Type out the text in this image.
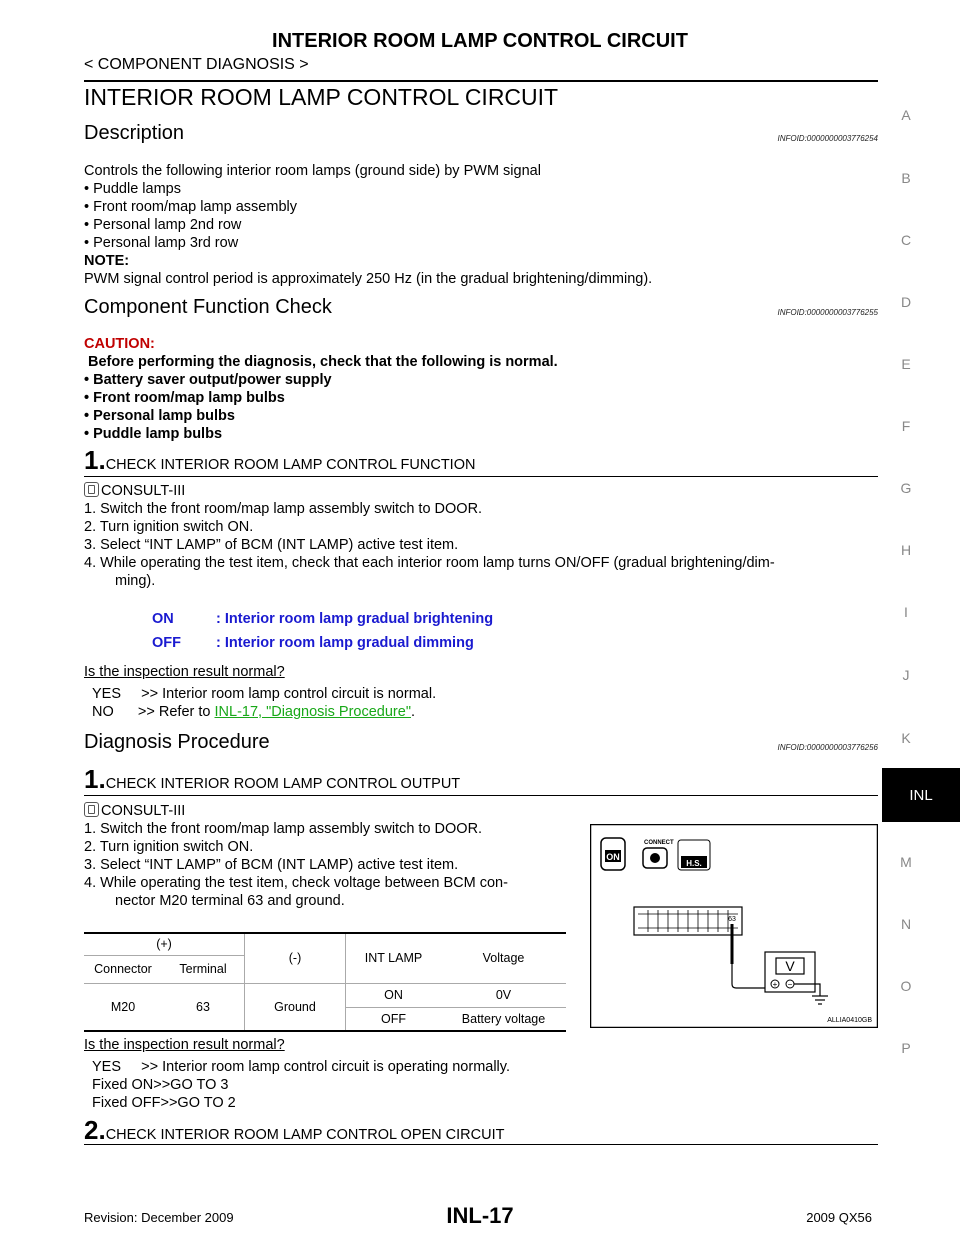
INTERIOR ROOM LAMP CONTROL CIRCUIT
< COMPONENT DIAGNOSIS >
INTERIOR ROOM LAMP CONTROL CIRCUIT
Description	INFOID:0000000003776254
Controls the following interior room lamps (ground side) by PWM signal
• Puddle lamps
• Front room/map lamp assembly
• Personal lamp 2nd row
• Personal lamp 3rd row
NOTE:
PWM signal control period is approximately 250 Hz (in the gradual brightening/dimming).
Component Function Check	INFOID:0000000003776255
CAUTION:
Before performing the diagnosis, check that the following is normal.
• Battery saver output/power supply
• Front room/map lamp bulbs
• Personal lamp bulbs
• Puddle lamp bulbs
1.CHECK INTERIOR ROOM LAMP CONTROL FUNCTION
CONSULT-III
1. Switch the front room/map lamp assembly switch to DOOR.
2. Turn ignition switch ON.
3. Select “INT LAMP” of BCM (INT LAMP) active test item.
4. While operating the test item, check that each interior room lamp turns ON/OFF (gradual brightening/dim-
ming).
ON	: Interior room lamp gradual brightening
OFF : Interior room lamp gradual dimming
Is the inspection result normal?
YES     >> Interior room lamp control circuit is normal.
NO      >> Refer to INL-17, "Diagnosis Procedure".
Diagnosis Procedure	INFOID:0000000003776256
1.CHECK INTERIOR ROOM LAMP CONTROL OUTPUT
CONSULT-III
1. Switch the front room/map lamp assembly switch to DOOR.
2. Turn ignition switch ON.
3. Select “INT LAMP” of BCM (INT LAMP) active test item.
4. While operating the test item, check voltage between BCM con-
nector M20 terminal 63 and ground.
(+)		(-)	INT LAMP	Voltage
Connector	Terminal			
M20	63	Ground	ON	0V
			OFF	Battery voltage
ON
CONNECT
H.S.
63
V
+ −
ALLIA0410GB
Is the inspection result normal?
YES     >> Interior room lamp control circuit is operating normally.
Fixed ON>>GO TO 3
Fixed OFF>>GO TO 2
2.CHECK INTERIOR ROOM LAMP CONTROL OPEN CIRCUIT
A
B
C
D
E
F
G
H
I
J
K
INL
M
N
O
P
Revision: December 2009	INL-17	2009 QX56
